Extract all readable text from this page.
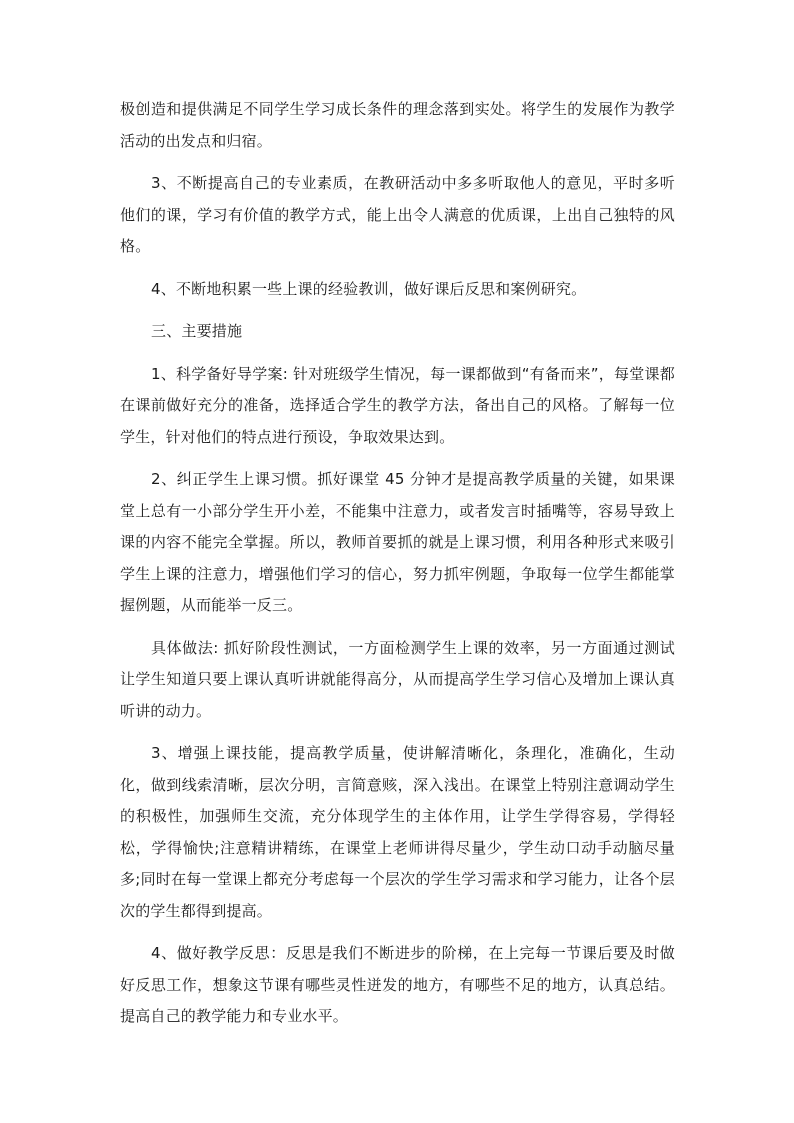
极创造和提供满足不同学生学习成长条件的理念落到实处。将学生的发展作为教学活动的出发点和归宿。

3、不断提高自己的专业素质，在教研活动中多多听取他人的意见，平时多听他们的课，学习有价值的教学方式，能上出令人满意的优质课，上出自己独特的风格。

4、不断地积累一些上课的经验教训，做好课后反思和案例研究。

三、主要措施

1、科学备好导学案: 针对班级学生情况，每一课都做到“有备而来”，每堂课都在课前做好充分的准备，选择适合学生的教学方法，备出自己的风格。了解每一位学生，针对他们的特点进行预设，争取效果达到。

2、纠正学生上课习惯。抓好课堂 45 分钟才是提高教学质量的关键，如果课堂上总有一小部分学生开小差，不能集中注意力，或者发言时插嘴等，容易导致上课的内容不能完全掌握。所以，教师首要抓的就是上课习惯，利用各种形式来吸引学生上课的注意力，增强他们学习的信心，努力抓牢例题，争取每一位学生都能掌握例题，从而能举一反三。

具体做法: 抓好阶段性测试，一方面检测学生上课的效率，另一方面通过测试让学生知道只要上课认真听讲就能得高分，从而提高学生学习信心及增加上课认真听讲的动力。

3、增强上课技能，提高教学质量，使讲解清晰化，条理化，准确化，生动化，做到线索清晰，层次分明，言简意赅，深入浅出。在课堂上特别注意调动学生的积极性，加强师生交流，充分体现学生的主体作用，让学生学得容易，学得轻松，学得愉快;注意精讲精练，在课堂上老师讲得尽量少，学生动口动手动脑尽量多;同时在每一堂课上都充分考虑每一个层次的学生学习需求和学习能力，让各个层次的学生都得到提高。

4、做好教学反思：反思是我们不断进步的阶梯，在上完每一节课后要及时做好反思工作，想象这节课有哪些灵性迸发的地方，有哪些不足的地方，认真总结。提高自己的教学能力和专业水平。
